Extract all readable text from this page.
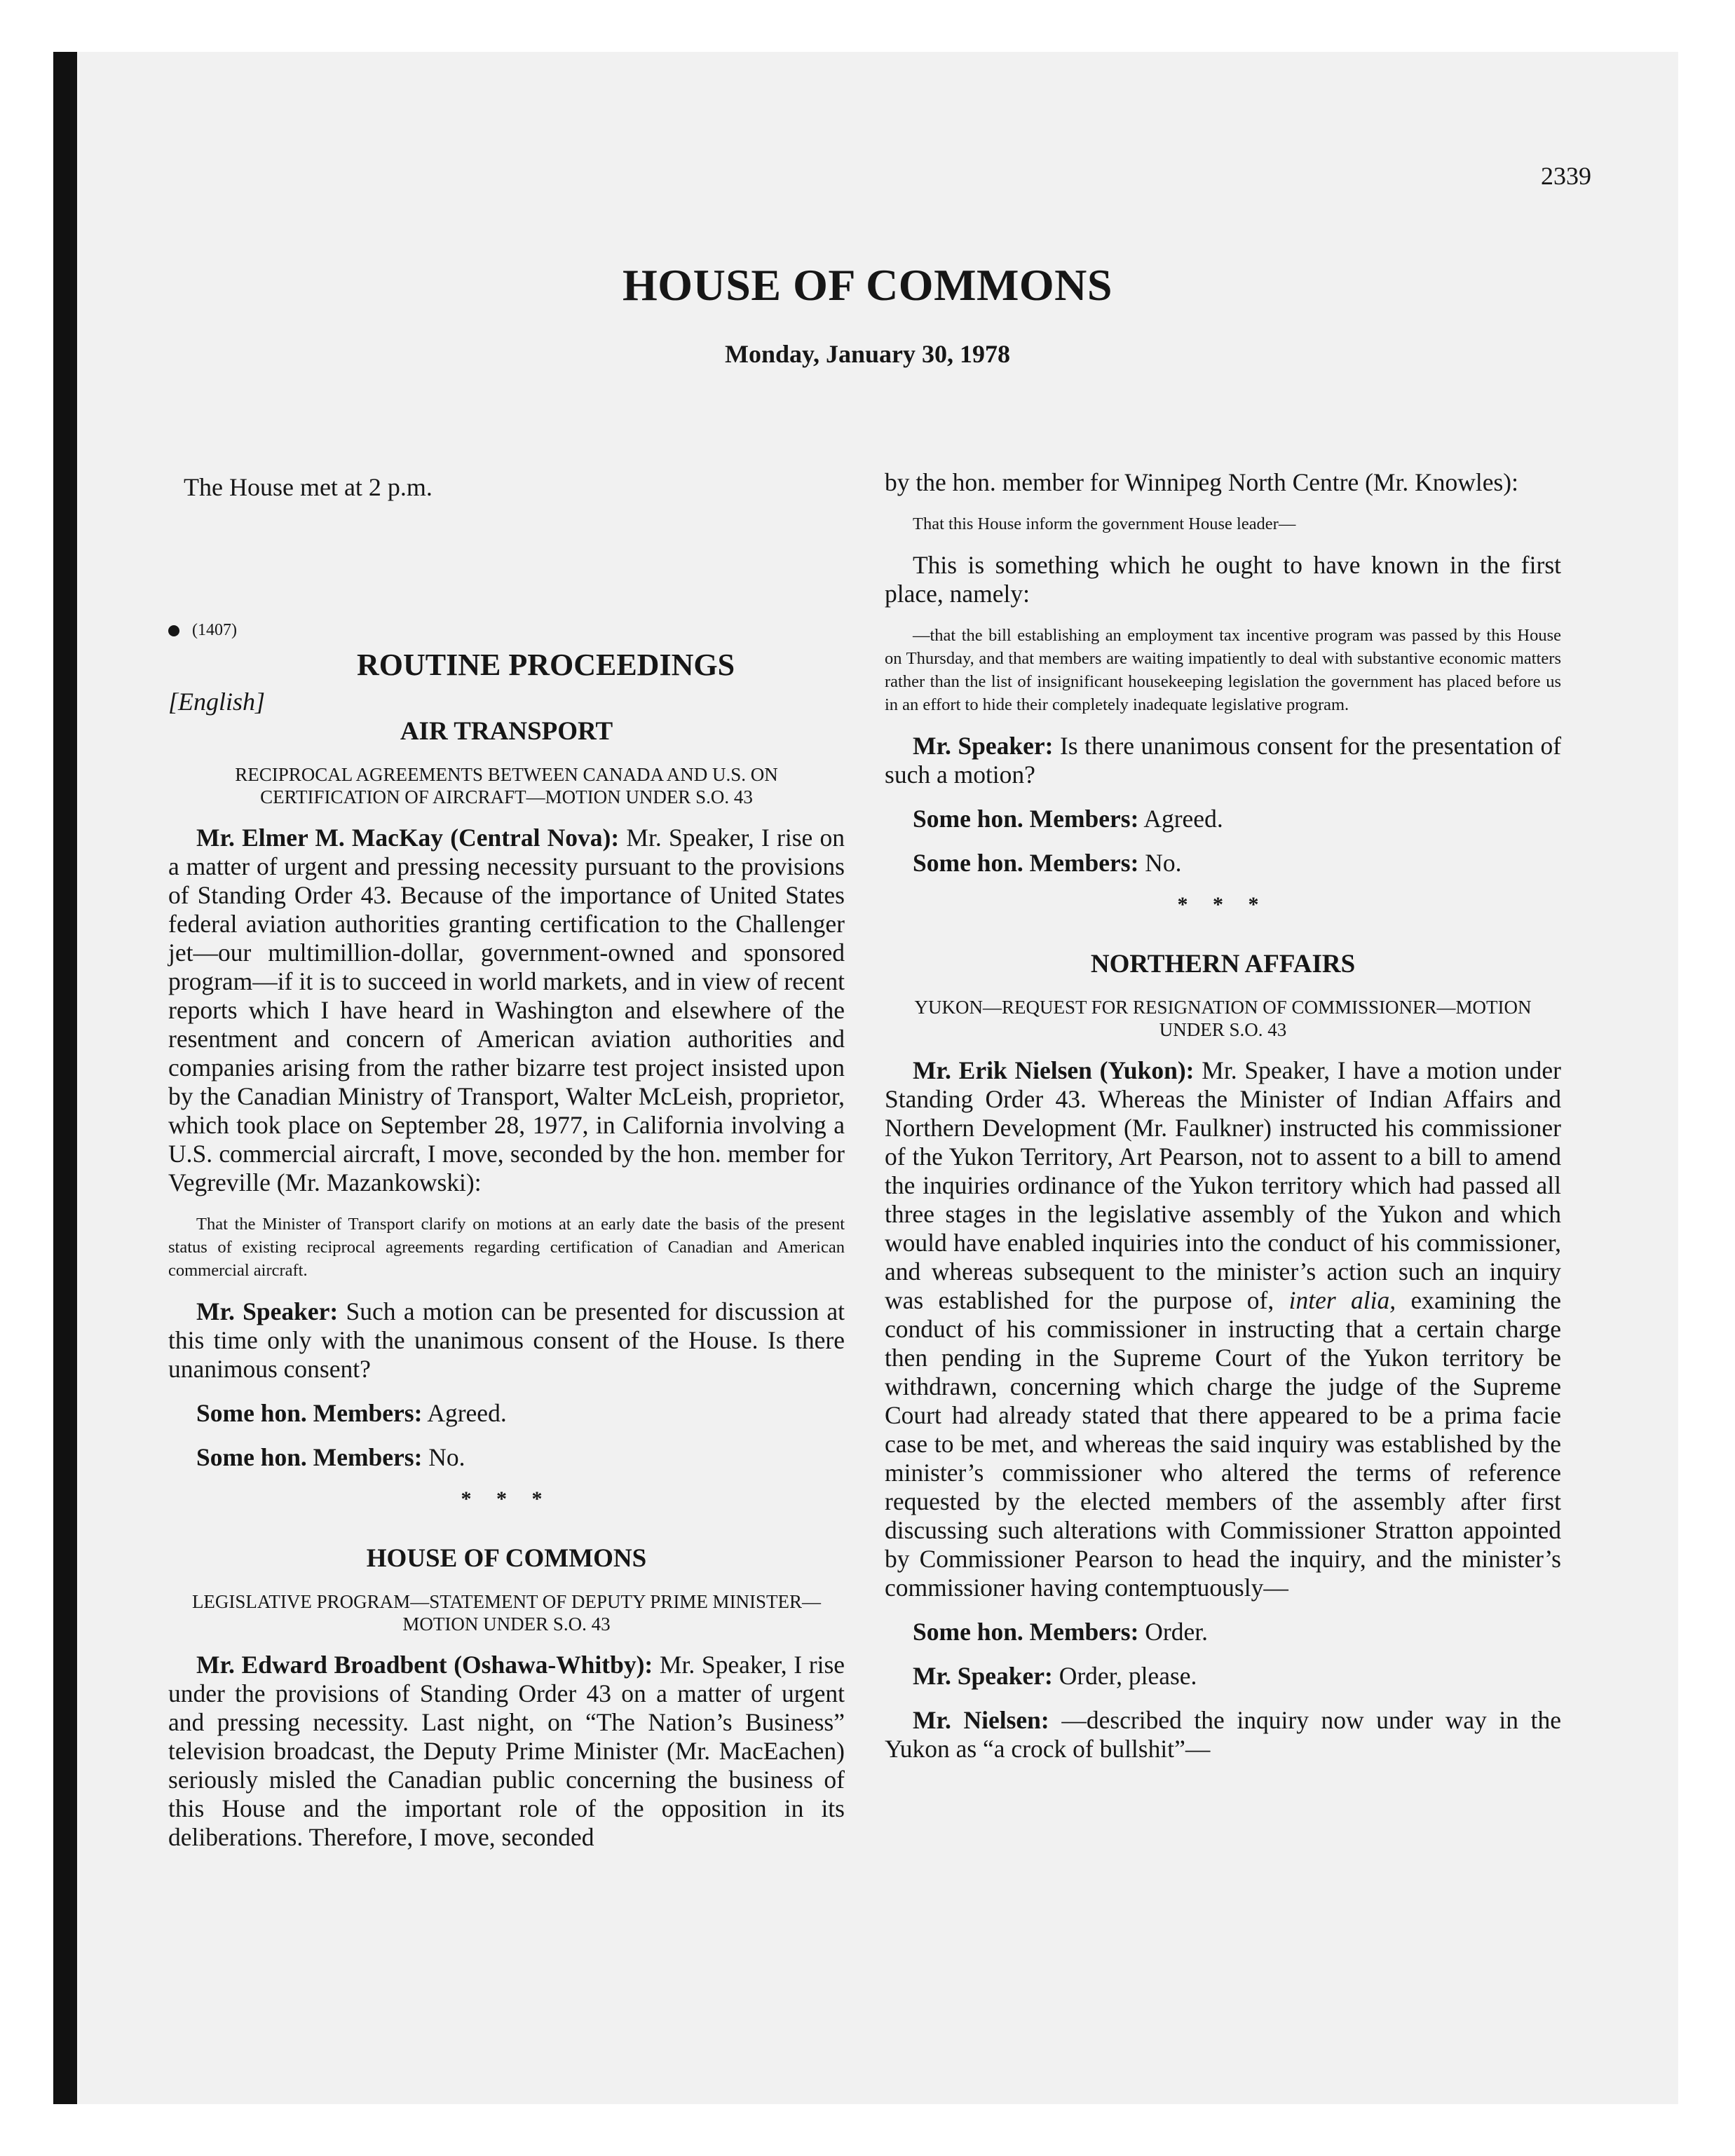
2339
HOUSE OF COMMONS
Monday, January 30, 1978
The House met at 2 p.m.
(1407)
ROUTINE PROCEEDINGS
[English]
AIR TRANSPORT
RECIPROCAL AGREEMENTS BETWEEN CANADA AND U.S. ON CERTIFICATION OF AIRCRAFT—MOTION UNDER S.O. 43

Mr. Elmer M. MacKay (Central Nova): Mr. Speaker, I rise on a matter of urgent and pressing necessity pursuant to the provisions of Standing Order 43. Because of the importance of United States federal aviation authorities granting certification to the Challenger jet—our multimillion-dollar, government-owned and sponsored program—if it is to succeed in world markets, and in view of recent reports which I have heard in Washington and elsewhere of the resentment and concern of American aviation authorities and companies arising from the rather bizarre test project insisted upon by the Canadian Ministry of Transport, Walter McLeish, proprietor, which took place on September 28, 1977, in California involving a U.S. commercial aircraft, I move, seconded by the hon. member for Vegreville (Mr. Mazankowski):

That the Minister of Transport clarify on motions at an early date the basis of the present status of existing reciprocal agreements regarding certification of Canadian and American commercial aircraft.

Mr. Speaker: Such a motion can be presented for discussion at this time only with the unanimous consent of the House. Is there unanimous consent?

Some hon. Members: Agreed.

Some hon. Members: No.

* * *
HOUSE OF COMMONS
LEGISLATIVE PROGRAM—STATEMENT OF DEPUTY PRIME MINISTER—MOTION UNDER S.O. 43

Mr. Edward Broadbent (Oshawa-Whitby): Mr. Speaker, I rise under the provisions of Standing Order 43 on a matter of urgent and pressing necessity. Last night, on “The Nation’s Business” television broadcast, the Deputy Prime Minister (Mr. MacEachen) seriously misled the Canadian public concerning the business of this House and the important role of the opposition in its deliberations. Therefore, I move, seconded

by the hon. member for Winnipeg North Centre (Mr. Knowles):

That this House inform the government House leader—

This is something which he ought to have known in the first place, namely:

—that the bill establishing an employment tax incentive program was passed by this House on Thursday, and that members are waiting impatiently to deal with substantive economic matters rather than the list of insignificant housekeeping legislation the government has placed before us in an effort to hide their completely inadequate legislative program.

Mr. Speaker: Is there unanimous consent for the presentation of such a motion?

Some hon. Members: Agreed.

Some hon. Members: No.

* * *
NORTHERN AFFAIRS
YUKON—REQUEST FOR RESIGNATION OF COMMISSIONER—MOTION UNDER S.O. 43

Mr. Erik Nielsen (Yukon): Mr. Speaker, I have a motion under Standing Order 43. Whereas the Minister of Indian Affairs and Northern Development (Mr. Faulkner) instructed his commissioner of the Yukon Territory, Art Pearson, not to assent to a bill to amend the inquiries ordinance of the Yukon territory which had passed all three stages in the legislative assembly of the Yukon and which would have enabled inquiries into the conduct of his commissioner, and whereas subsequent to the minister’s action such an inquiry was established for the purpose of, inter alia, examining the conduct of his commissioner in instructing that a certain charge then pending in the Supreme Court of the Yukon territory be withdrawn, concerning which charge the judge of the Supreme Court had already stated that there appeared to be a prima facie case to be met, and whereas the said inquiry was established by the minister’s commissioner who altered the terms of reference requested by the elected members of the assembly after first discussing such alterations with Commissioner Stratton appointed by Commissioner Pearson to head the inquiry, and the minister’s commissioner having contemptuously—

Some hon. Members: Order.

Mr. Speaker: Order, please.

Mr. Nielsen: —described the inquiry now under way in the Yukon as “a crock of bullshit”—
